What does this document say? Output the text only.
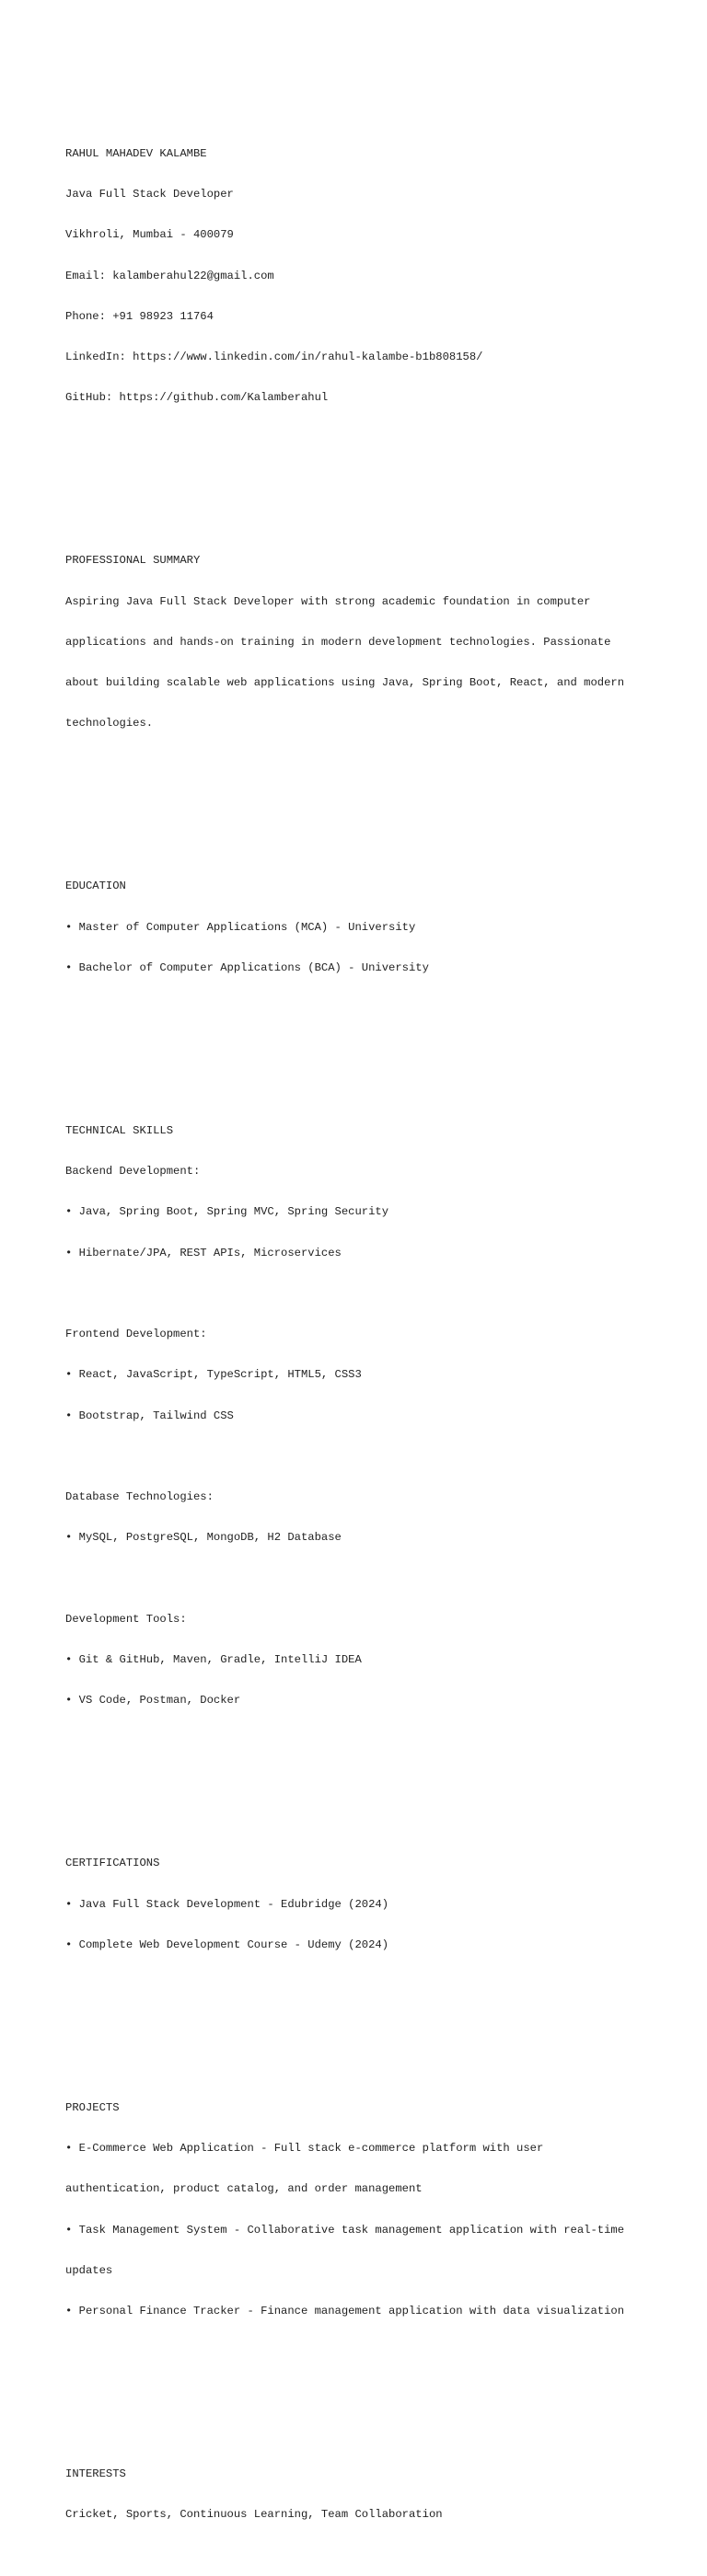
RAHUL MAHADEV KALAMBE

Java Full Stack Developer

Vikhroli, Mumbai - 400079

Email: kalamberahul22@gmail.com

Phone: +91 98923 11764

LinkedIn: https://www.linkedin.com/in/rahul-kalambe-b1b808158/

GitHub: https://github.com/Kalamberahul

PROFESSIONAL SUMMARY

Aspiring Java Full Stack Developer with strong academic foundation in computer

applications and hands-on training in modern development technologies. Passionate

about building scalable web applications using Java, Spring Boot, React, and modern

technologies.

EDUCATION

• Master of Computer Applications (MCA) - University

• Bachelor of Computer Applications (BCA) - University

TECHNICAL SKILLS

Backend Development:

• Java, Spring Boot, Spring MVC, Spring Security

• Hibernate/JPA, REST APIs, Microservices

Frontend Development:

• React, JavaScript, TypeScript, HTML5, CSS3

• Bootstrap, Tailwind CSS

Database Technologies:

• MySQL, PostgreSQL, MongoDB, H2 Database

Development Tools:

• Git & GitHub, Maven, Gradle, IntelliJ IDEA

• VS Code, Postman, Docker

CERTIFICATIONS

• Java Full Stack Development - Edubridge (2024)

• Complete Web Development Course - Udemy (2024)

PROJECTS

• E-Commerce Web Application - Full stack e-commerce platform with user

authentication, product catalog, and order management

• Task Management System - Collaborative task management application with real-time

updates

• Personal Finance Tracker - Finance management application with data visualization

INTERESTS

Cricket, Sports, Continuous Learning, Team Collaboration
